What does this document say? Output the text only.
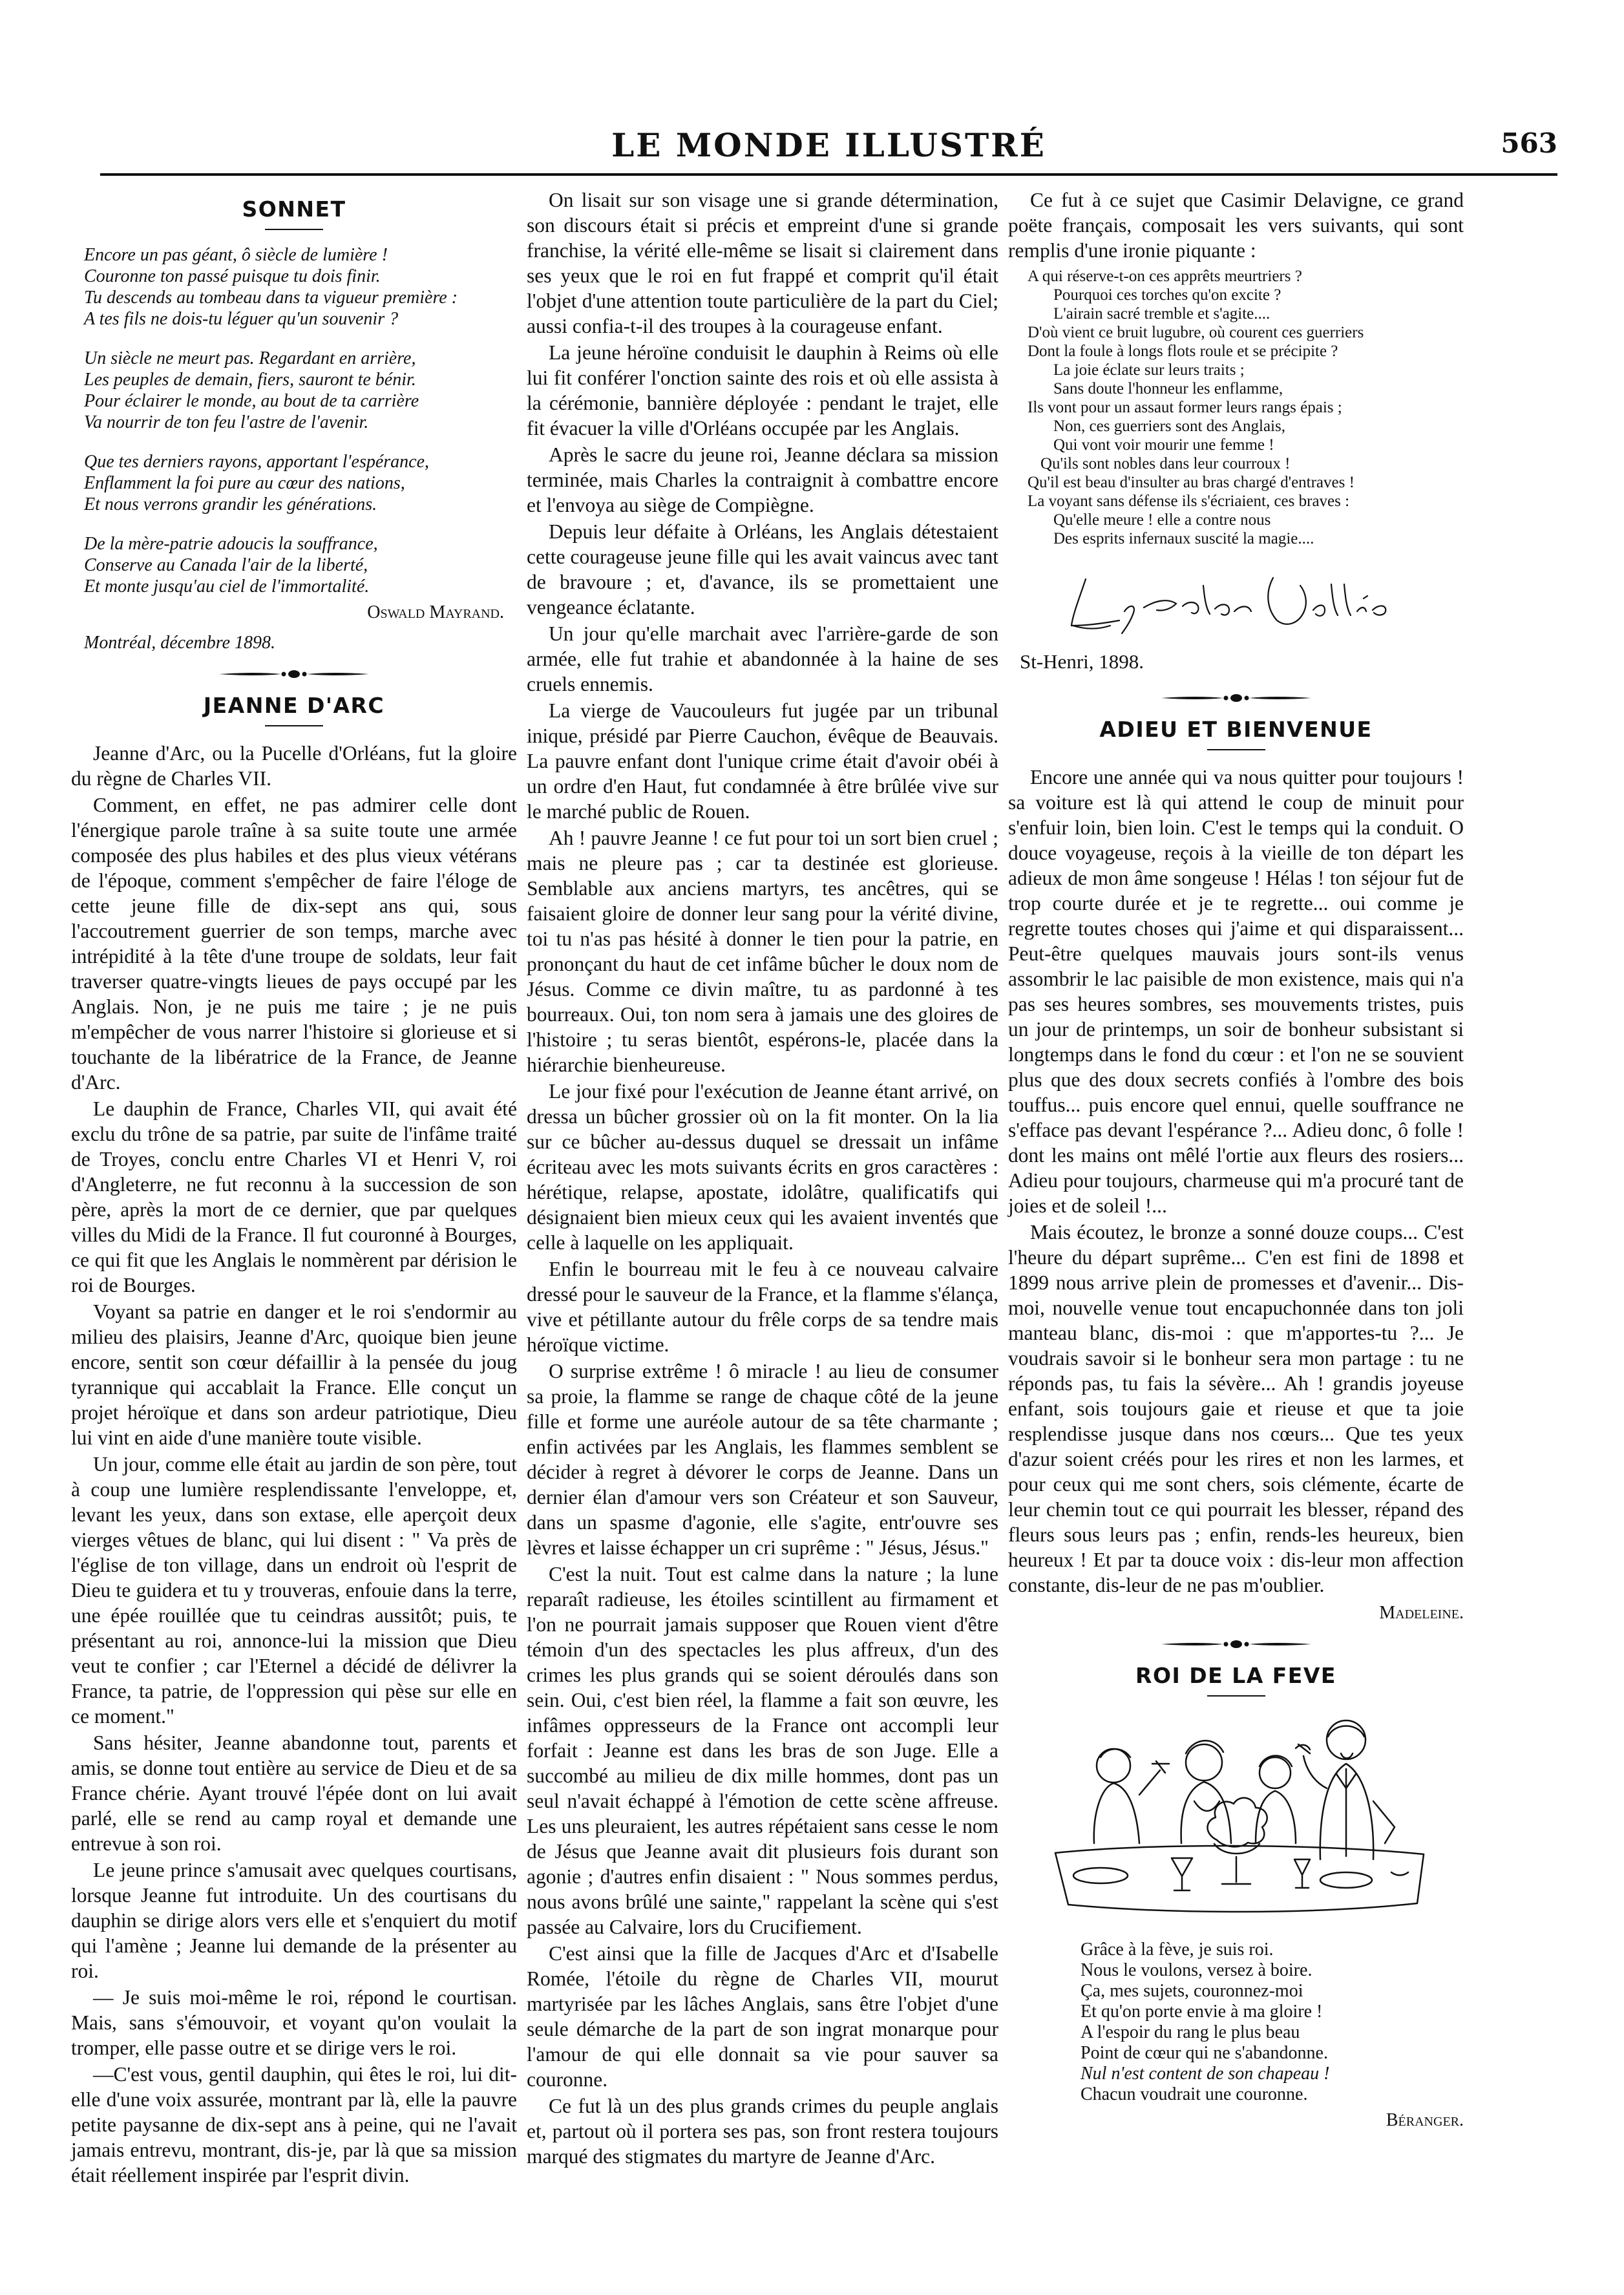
LE MONDE ILLUSTRÉ	563
SONNET
Encore un pas géant, ô siècle de lumière !
Couronne ton passé puisque tu dois finir.
Tu descends au tombeau dans ta vigueur première :
A tes fils ne dois-tu léguer qu'un souvenir ?
Un siècle ne meurt pas. Regardant en arrière,
Les peuples de demain, fiers, sauront te bénir.
Pour éclairer le monde, au bout de ta carrière
Va nourrir de ton feu l'astre de l'avenir.
Que tes derniers rayons, apportant l'espérance,
Enflamment la foi pure au cœur des nations,
Et nous verrons grandir les générations.
De la mère-patrie adoucis la souffrance,
Conserve au Canada l'air de la liberté,
Et monte jusqu'au ciel de l'immortalité.
Oswald Mayrand.
Montréal, décembre 1898.
JEANNE D'ARC

Jeanne d'Arc, ou la Pucelle d'Orléans, fut la gloire du règne de Charles VII.

Comment, en effet, ne pas admirer celle dont l'énergique parole traîne à sa suite toute une armée composée des plus habiles et des plus vieux vétérans de l'époque, comment s'empêcher de faire l'éloge de cette jeune fille de dix-sept ans qui, sous l'accoutrement guerrier de son temps, marche avec intrépidité à la tête d'une troupe de soldats, leur fait traverser quatre-vingts lieues de pays occupé par les Anglais. Non, je ne puis me taire ; je ne puis m'empêcher de vous narrer l'histoire si glorieuse et si touchante de la libératrice de la France, de Jeanne d'Arc.

Le dauphin de France, Charles VII, qui avait été exclu du trône de sa patrie, par suite de l'infâme traité de Troyes, conclu entre Charles VI et Henri V, roi d'Angleterre, ne fut reconnu à la succession de son père, après la mort de ce dernier, que par quelques villes du Midi de la France. Il fut couronné à Bourges, ce qui fit que les Anglais le nommèrent par dérision le roi de Bourges.

Voyant sa patrie en danger et le roi s'endormir au milieu des plaisirs, Jeanne d'Arc, quoique bien jeune encore, sentit son cœur défaillir à la pensée du joug tyrannique qui accablait la France. Elle conçut un projet héroïque et dans son ardeur patriotique, Dieu lui vint en aide d'une manière toute visible.

Un jour, comme elle était au jardin de son père, tout à coup une lumière resplendissante l'enveloppe, et, levant les yeux, dans son extase, elle aperçoit deux vierges vêtues de blanc, qui lui disent : " Va près de l'église de ton village, dans un endroit où l'esprit de Dieu te guidera et tu y trouveras, enfouie dans la terre, une épée rouillée que tu ceindras aussitôt; puis, te présentant au roi, annonce-lui la mission que Dieu veut te confier ; car l'Eternel a décidé de délivrer la France, ta patrie, de l'oppression qui pèse sur elle en ce moment."

Sans hésiter, Jeanne abandonne tout, parents et amis, se donne tout entière au service de Dieu et de sa France chérie. Ayant trouvé l'épée dont on lui avait parlé, elle se rend au camp royal et demande une entrevue à son roi.

Le jeune prince s'amusait avec quelques courtisans, lorsque Jeanne fut introduite. Un des courtisans du dauphin se dirige alors vers elle et s'enquiert du motif qui l'amène ; Jeanne lui demande de la présenter au roi.

— Je suis moi-même le roi, répond le courtisan. Mais, sans s'émouvoir, et voyant qu'on voulait la tromper, elle passe outre et se dirige vers le roi.

—C'est vous, gentil dauphin, qui êtes le roi, lui dit-elle d'une voix assurée, montrant par là, elle la pauvre petite paysanne de dix-sept ans à peine, qui ne l'avait jamais entrevu, montrant, dis-je, par là que sa mission était réellement inspirée par l'esprit divin.

On lisait sur son visage une si grande détermination, son discours était si précis et empreint d'une si grande franchise, la vérité elle-même se lisait si clairement dans ses yeux que le roi en fut frappé et comprit qu'il était l'objet d'une attention toute particulière de la part du Ciel; aussi confia-t-il des troupes à la courageuse enfant.

La jeune héroïne conduisit le dauphin à Reims où elle lui fit conférer l'onction sainte des rois et où elle assista à la cérémonie, bannière déployée : pendant le trajet, elle fit évacuer la ville d'Orléans occupée par les Anglais.

Après le sacre du jeune roi, Jeanne déclara sa mission terminée, mais Charles la contraignit à combattre encore et l'envoya au siège de Compiègne.

Depuis leur défaite à Orléans, les Anglais détestaient cette courageuse jeune fille qui les avait vaincus avec tant de bravoure ; et, d'avance, ils se promettaient une vengeance éclatante.

Un jour qu'elle marchait avec l'arrière-garde de son armée, elle fut trahie et abandonnée à la haine de ses cruels ennemis.

La vierge de Vaucouleurs fut jugée par un tribunal inique, présidé par Pierre Cauchon, évêque de Beauvais. La pauvre enfant dont l'unique crime était d'avoir obéi à un ordre d'en Haut, fut condamnée à être brûlée vive sur le marché public de Rouen.

Ah ! pauvre Jeanne ! ce fut pour toi un sort bien cruel ; mais ne pleure pas ; car ta destinée est glorieuse. Semblable aux anciens martyrs, tes ancêtres, qui se faisaient gloire de donner leur sang pour la vérité divine, toi tu n'as pas hésité à donner le tien pour la patrie, en prononçant du haut de cet infâme bûcher le doux nom de Jésus. Comme ce divin maître, tu as pardonné à tes bourreaux. Oui, ton nom sera à jamais une des gloires de l'histoire ; tu seras bientôt, espérons-le, placée dans la hiérarchie bienheureuse.

Le jour fixé pour l'exécution de Jeanne étant arrivé, on dressa un bûcher grossier où on la fit monter. On la lia sur ce bûcher au-dessus duquel se dressait un infâme écriteau avec les mots suivants écrits en gros caractères : hérétique, relapse, apostate, idolâtre, qualificatifs qui désignaient bien mieux ceux qui les avaient inventés que celle à laquelle on les appliquait.

Enfin le bourreau mit le feu à ce nouveau calvaire dressé pour le sauveur de la France, et la flamme s'élança, vive et pétillante autour du frêle corps de sa tendre mais héroïque victime.

O surprise extrême ! ô miracle ! au lieu de consumer sa proie, la flamme se range de chaque côté de la jeune fille et forme une auréole autour de sa tête charmante ; enfin activées par les Anglais, les flammes semblent se décider à regret à dévorer le corps de Jeanne. Dans un dernier élan d'amour vers son Créateur et son Sauveur, dans un spasme d'agonie, elle s'agite, entr'ouvre ses lèvres et laisse échapper un cri suprême : " Jésus, Jésus."

C'est la nuit. Tout est calme dans la nature ; la lune reparaît radieuse, les étoiles scintillent au firmament et l'on ne pourrait jamais supposer que Rouen vient d'être témoin d'un des spectacles les plus affreux, d'un des crimes les plus grands qui se soient déroulés dans son sein. Oui, c'est bien réel, la flamme a fait son œuvre, les infâmes oppresseurs de la France ont accompli leur forfait : Jeanne est dans les bras de son Juge. Elle a succombé au milieu de dix mille hommes, dont pas un seul n'avait échappé à l'émotion de cette scène affreuse. Les uns pleuraient, les autres répétaient sans cesse le nom de Jésus que Jeanne avait dit plusieurs fois durant son agonie ; d'autres enfin disaient : " Nous sommes perdus, nous avons brûlé une sainte," rappelant la scène qui s'est passée au Calvaire, lors du Crucifiement.

C'est ainsi que la fille de Jacques d'Arc et d'Isabelle Romée, l'étoile du règne de Charles VII, mourut martyrisée par les lâches Anglais, sans être l'objet d'une seule démarche de la part de son ingrat monarque pour l'amour de qui elle donnait sa vie pour sauver sa couronne.

Ce fut là un des plus grands crimes du peuple anglais et, partout où il portera ses pas, son front restera toujours marqué des stigmates du martyre de Jeanne d'Arc.

Ce fut à ce sujet que Casimir Delavigne, ce grand poëte français, composait les vers suivants, qui sont remplis d'une ironie piquante :

A qui réserve-t-on ces apprêts meurtriers ?
Pourquoi ces torches qu'on excite ?
L'airain sacré tremble et s'agite....
D'où vient ce bruit lugubre, où courent ces guerriers
Dont la foule à longs flots roule et se précipite ?
La joie éclate sur leurs traits ;
Sans doute l'honneur les enflamme,
Ils vont pour un assaut former leurs rangs épais ;
Non, ces guerriers sont des Anglais,
Qui vont voir mourir une femme !
Qu'ils sont nobles dans leur courroux !
Qu'il est beau d'insulter au bras chargé d'entraves !
La voyant sans défense ils s'écriaient, ces braves :
Qu'elle meure ! elle a contre nous
Des esprits infernaux suscité la magie....
St-Henri, 1898.
ADIEU ET BIENVENUE

Encore une année qui va nous quitter pour toujours ! sa voiture est là qui attend le coup de minuit pour s'enfuir loin, bien loin. C'est le temps qui la conduit. O douce voyageuse, reçois à la vieille de ton départ les adieux de mon âme songeuse ! Hélas ! ton séjour fut de trop courte durée et je te regrette... oui comme je regrette toutes choses qui j'aime et qui disparaissent... Peut-être quelques mauvais jours sont-ils venus assombrir le lac paisible de mon existence, mais qui n'a pas ses heures sombres, ses mouvements tristes, puis un jour de printemps, un soir de bonheur subsistant si longtemps dans le fond du cœur : et l'on ne se souvient plus que des doux secrets confiés à l'ombre des bois touffus... puis encore quel ennui, quelle souffrance ne s'efface pas devant l'espérance ?... Adieu donc, ô folle ! dont les mains ont mêlé l'ortie aux fleurs des rosiers... Adieu pour toujours, charmeuse qui m'a procuré tant de joies et de soleil !...

Mais écoutez, le bronze a sonné douze coups... C'est l'heure du départ suprême... C'en est fini de 1898 et 1899 nous arrive plein de promesses et d'avenir... Dis-moi, nouvelle venue tout encapuchonnée dans ton joli manteau blanc, dis-moi : que m'apportes-tu ?... Je voudrais savoir si le bonheur sera mon partage : tu ne réponds pas, tu fais la sévère... Ah ! grandis joyeuse enfant, sois toujours gaie et rieuse et que ta joie resplendisse jusque dans nos cœurs... Que tes yeux d'azur soient créés pour les rires et non les larmes, et pour ceux qui me sont chers, sois clémente, écarte de leur chemin tout ce qui pourrait les blesser, répand des fleurs sous leurs pas ; enfin, rends-les heureux, bien heureux ! Et par ta douce voix : dis-leur mon affection constante, dis-leur de ne pas m'oublier.

Madeleine.
ROI DE LA FEVE
Grâce à la fève, je suis roi.
Nous le voulons, versez à boire.
Ça, mes sujets, couronnez-moi
Et qu'on porte envie à ma gloire !
A l'espoir du rang le plus beau
Point de cœur qui ne s'abandonne.
Nul n'est content de son chapeau !
Chacun voudrait une couronne.
Béranger.
